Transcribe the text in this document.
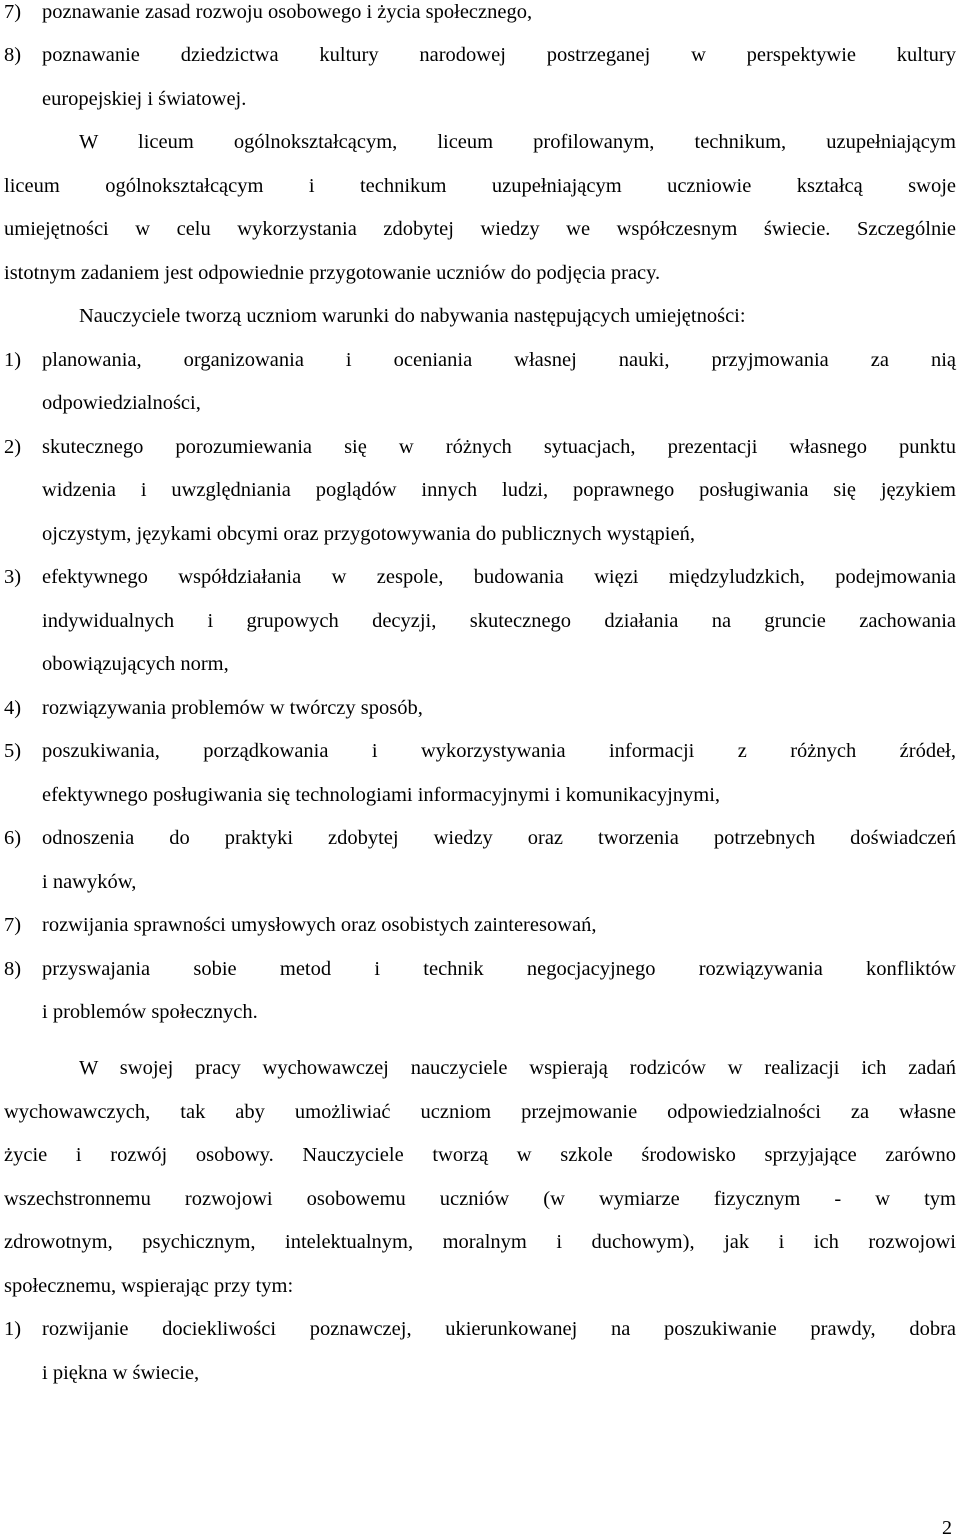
7) poznawanie zasad rozwoju osobowego i życia społecznego,
8) poznawanie dziedzictwa kultury narodowej postrzeganej w perspektywie kultury
europejskiej i światowej.
W liceum ogólnokształcącym, liceum profilowanym, technikum, uzupełniającym
liceum ogólnokształcącym i technikum uzupełniającym uczniowie kształcą swoje
umiejętności w celu wykorzystania zdobytej wiedzy we współczesnym świecie. Szczególnie
istotnym zadaniem jest odpowiednie przygotowanie uczniów do podjęcia pracy.
Nauczyciele tworzą uczniom warunki do nabywania następujących umiejętności:
1) planowania, organizowania i oceniania własnej nauki, przyjmowania za nią
odpowiedzialności,
2) skutecznego porozumiewania się w różnych sytuacjach, prezentacji własnego punktu
widzenia i uwzględniania poglądów innych ludzi, poprawnego posługiwania się językiem
ojczystym, językami obcymi oraz przygotowywania do publicznych wystąpień,
3) efektywnego współdziałania w zespole, budowania więzi międzyludzkich, podejmowania
indywidualnych i grupowych decyzji, skutecznego działania na gruncie zachowania
obowiązujących norm,
4) rozwiązywania problemów w twórczy sposób,
5) poszukiwania, porządkowania i wykorzystywania informacji z różnych źródeł,
efektywnego posługiwania się technologiami informacyjnymi i komunikacyjnymi,
6) odnoszenia do praktyki zdobytej wiedzy oraz tworzenia potrzebnych doświadczeń
i nawyków,
7) rozwijania sprawności umysłowych oraz osobistych zainteresowań,
8) przyswajania sobie metod i technik negocjacyjnego rozwiązywania konfliktów
i problemów społecznych.
W swojej pracy wychowawczej nauczyciele wspierają rodziców w realizacji ich zadań
wychowawczych, tak aby umożliwiać uczniom przejmowanie odpowiedzialności za własne
życie i rozwój osobowy. Nauczyciele tworzą w szkole środowisko sprzyjające zarówno
wszechstronnemu rozwojowi osobowemu uczniów (w wymiarze fizycznym - w tym
zdrowotnym, psychicznym, intelektualnym, moralnym i duchowym), jak i ich rozwojowi
społecznemu, wspierając przy tym:
1) rozwijanie dociekliwości poznawczej, ukierunkowanej na poszukiwanie prawdy, dobra
i piękna w świecie,
2
